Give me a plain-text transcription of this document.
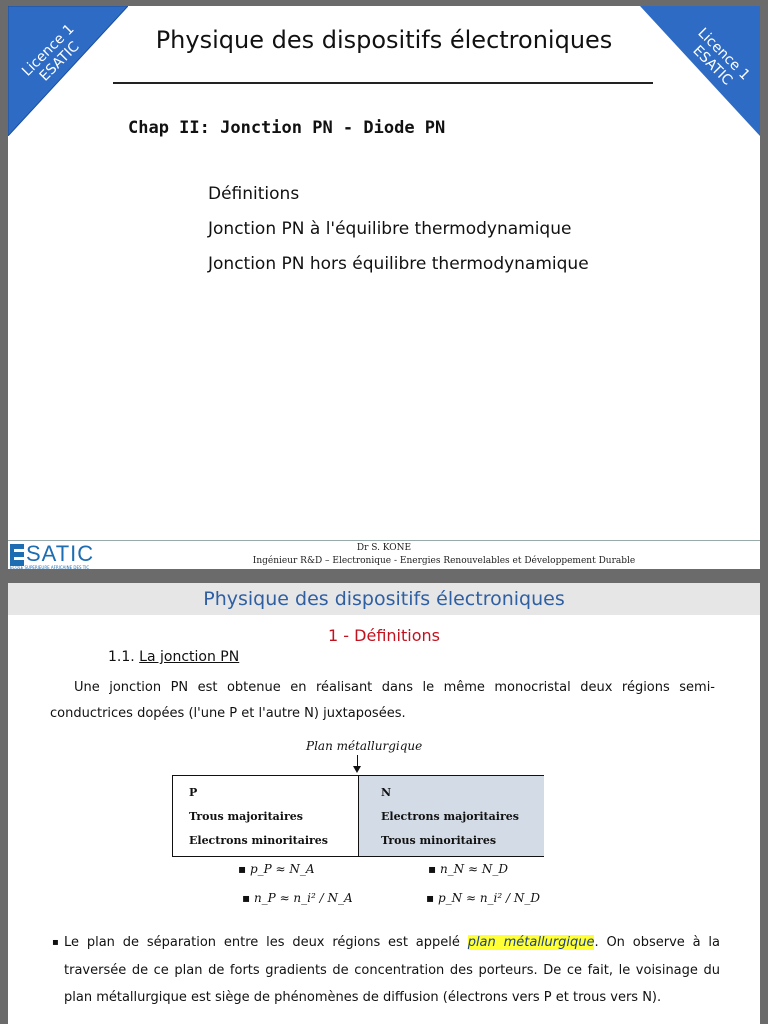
Licence 1
ESATIC	Licence 1
ESATIC
Physique des dispositifs électroniques
Chap II: Jonction PN - Diode PN
Définitions
Jonction PN à l'équilibre thermodynamique
Jonction PN hors équilibre thermodynamique
SATIC
ECOLE SUPERIEURE AFRICAINE DES TIC
Dr S. KONE
Ingénieur R&D – Electronique - Energies Renouvelables et Développement Durable
Physique des dispositifs électroniques
1 - Définitions
1.1. La jonction PN

Une jonction PN est obtenue en réalisant dans le même monocristal deux régions semi-conductrices dopées (l'une P et l'autre N) juxtaposées.

Plan métallurgique
P
Trous majoritaires
Electrons minoritaires
N
Electrons majoritaires
Trous minoritaires
▪ p_P ≈ N_A
▪ n_P ≈ n_i² / N_A
▪ n_N ≈ N_D
▪ p_N ≈ n_i² / N_D

▪ Le plan de séparation entre les deux régions est appelé plan métallurgique. On observe à la traversée de ce plan de forts gradients de concentration des porteurs. De ce fait, le voisinage du plan métallurgique est siège de phénomènes de diffusion (électrons vers P et trous vers N).
